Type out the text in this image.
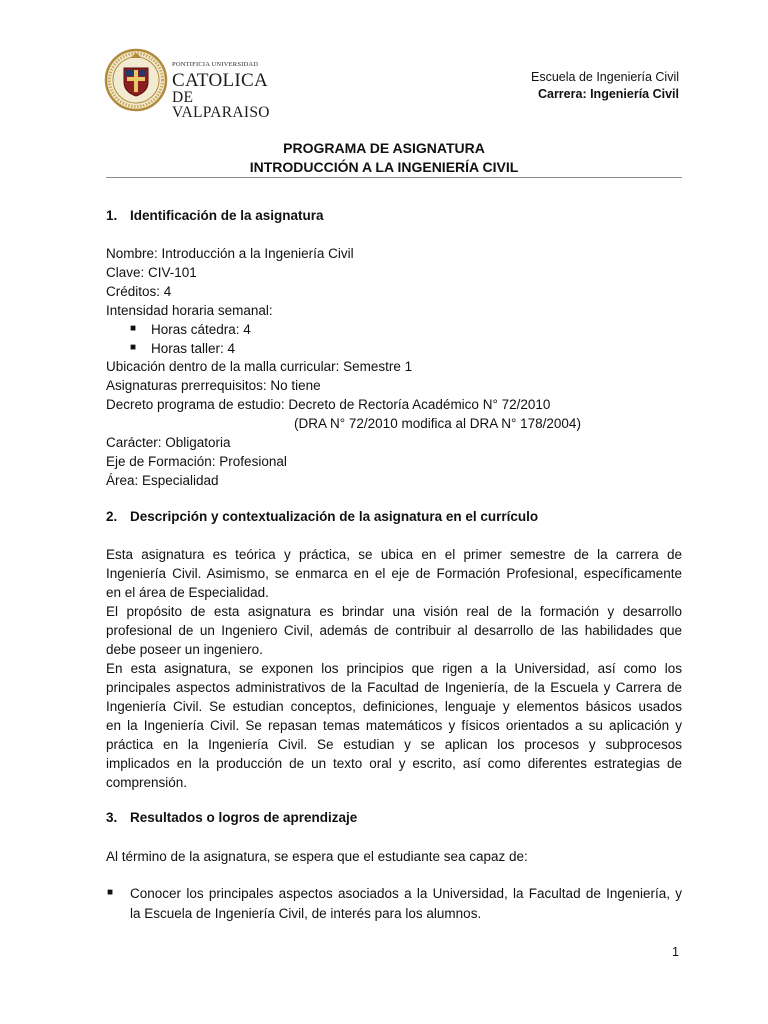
PONTIFICIA UNIVERSIDAD
CATOLICA
DE VALPARAISO
Escuela de Ingeniería Civil
Carrera: Ingeniería Civil
PROGRAMA DE ASIGNATURA
INTRODUCCIÓN A LA INGENIERÍA CIVIL
1. Identificación de la asignatura
Nombre: Introducción a la Ingeniería Civil
Clave: CIV-101
Créditos: 4
Intensidad horaria semanal:
■ Horas cátedra: 4
■ Horas taller: 4
Ubicación dentro de la malla curricular: Semestre 1
Asignaturas prerrequisitos: No tiene
Decreto programa de estudio: Decreto de Rectoría Académico N° 72/2010
(DRA N° 72/2010 modifica al DRA N° 178/2004)
Carácter: Obligatoria
Eje de Formación: Profesional
Área: Especialidad
2. Descripción y contextualización de la asignatura en el currículo
Esta asignatura es teórica y práctica, se ubica en el primer semestre de la carrera de
Ingeniería Civil. Asimismo, se enmarca en el eje de Formación Profesional, específicamente
en el área de Especialidad.
El propósito de esta asignatura es brindar una visión real de la formación y desarrollo
profesional de un Ingeniero Civil, además de contribuir al desarrollo de las habilidades que
debe poseer un ingeniero.
En esta asignatura, se exponen los principios que rigen a la Universidad, así como los
principales aspectos administrativos de la Facultad de Ingeniería, de la Escuela y Carrera de
Ingeniería Civil. Se estudian conceptos, definiciones, lenguaje y elementos básicos usados
en la Ingeniería Civil. Se repasan temas matemáticos y físicos orientados a su aplicación y
práctica en la Ingeniería Civil. Se estudian y se aplican los procesos y subprocesos
implicados en la producción de un texto oral y escrito, así como diferentes estrategias de
comprensión.
3. Resultados o logros de aprendizaje
Al término de la asignatura, se espera que el estudiante sea capaz de:
■ Conocer los principales aspectos asociados a la Universidad, la Facultad de Ingeniería, y
la Escuela de Ingeniería Civil, de interés para los alumnos.
1
